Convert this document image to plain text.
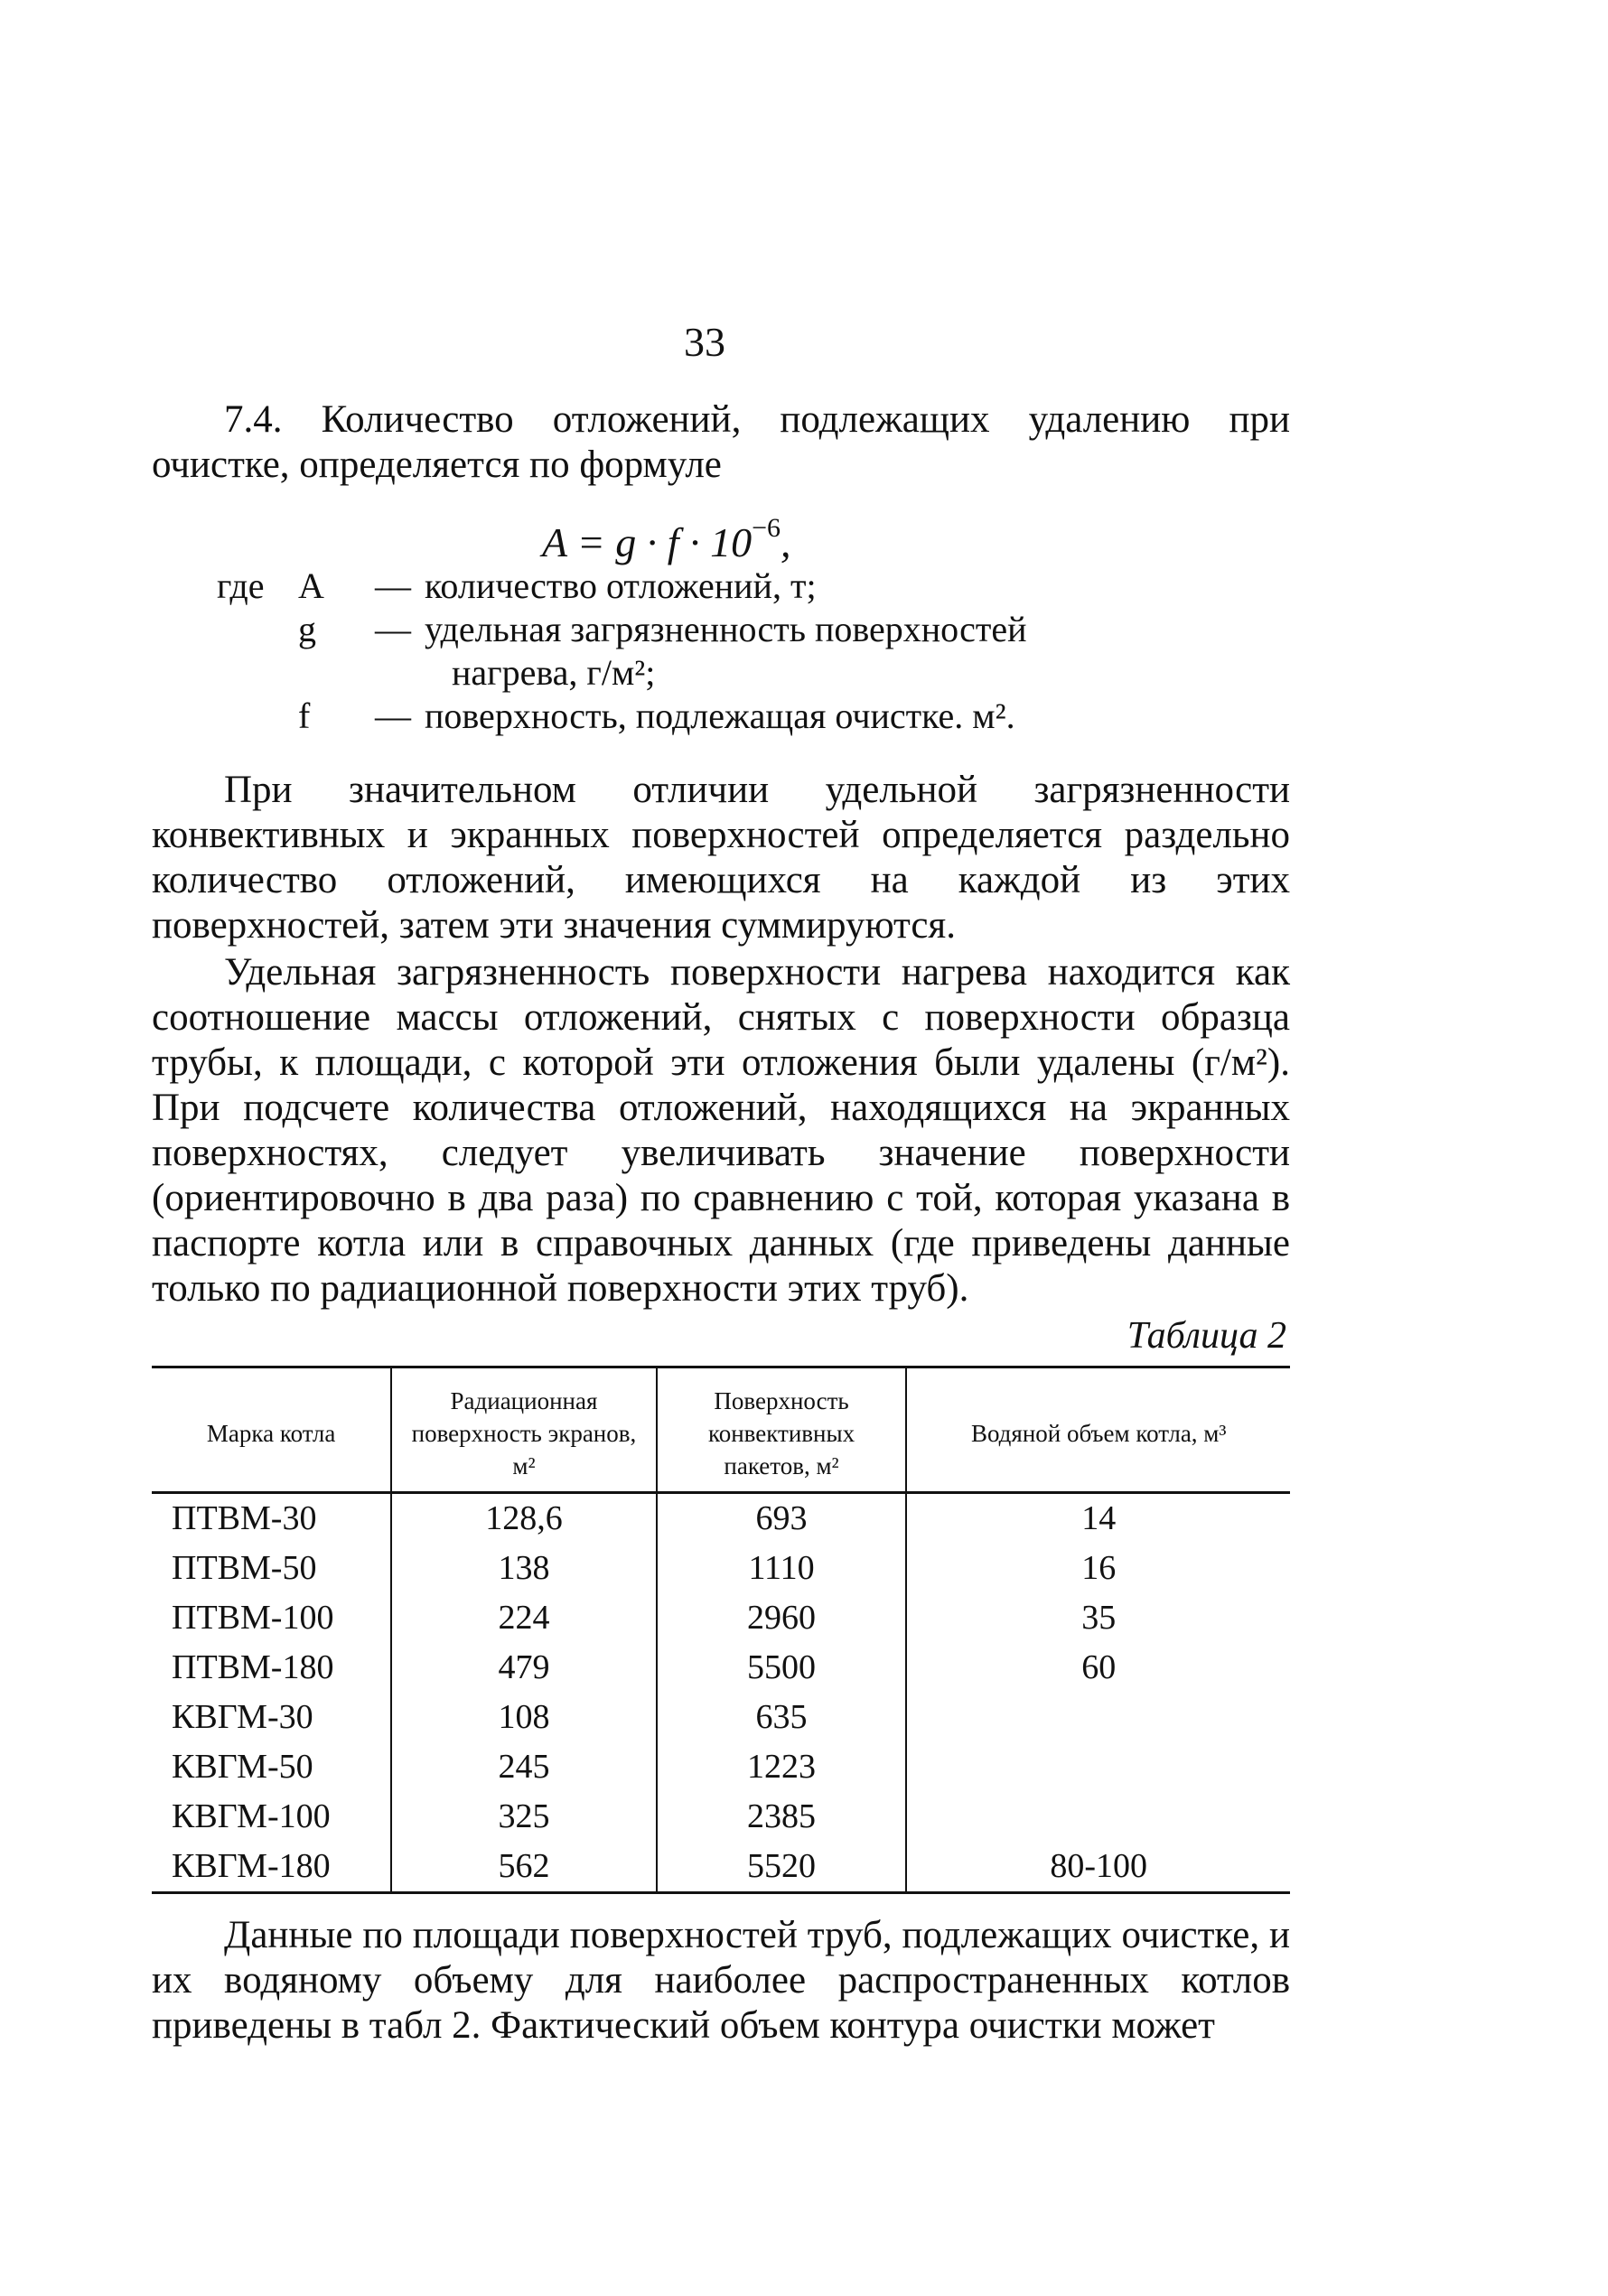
33
7.4. Количество отложений, подлежащих удалению при очистке, определяется по формуле
$A = g \cdot f \cdot 10^{-6}$,
где A	— количество отложений, т;
g	— удельная загрязненность поверхностей
нагрева, г/м²;
f	— поверхность, подлежащая очистке. м².
При значительном отличии удельной загрязненности конвективных и экранных поверхностей определяется раздельно количество отложений, имеющихся на каждой из этих поверхностей, затем эти значения суммируются.
Удельная загрязненность поверхности нагрева находится как соотношение массы отложений, снятых с поверхности образца трубы, к площади, с которой эти отложения были удалены (г/м²). При подсчете количества отложений, находящихся на экранных поверхностях, следует увеличивать значение поверхности (ориентировочно в два раза) по сравнению с той, которая указана в паспорте котла или в справочных данных (где приведены данные только по радиационной поверхности этих труб).
Таблица 2
Марка котла	Радиационная поверхность экранов, м²	Поверхность конвективных пакетов, м²	Водяной объем котла, м³
ПТВМ-30	128,6	693	14
ПТВМ-50	138	1110	16
ПТВМ-100	224	2960	35
ПТВМ-180	479	5500	60
КВГМ-30	108	635	
КВГМ-50	245	1223	
КВГМ-100	325	2385	
КВГМ-180	562	5520	80-100
Данные по площади поверхностей труб, подлежащих очистке, и их водяному объему для наиболее распространенных котлов приведены в табл 2. Фактический объем контура очистки может
